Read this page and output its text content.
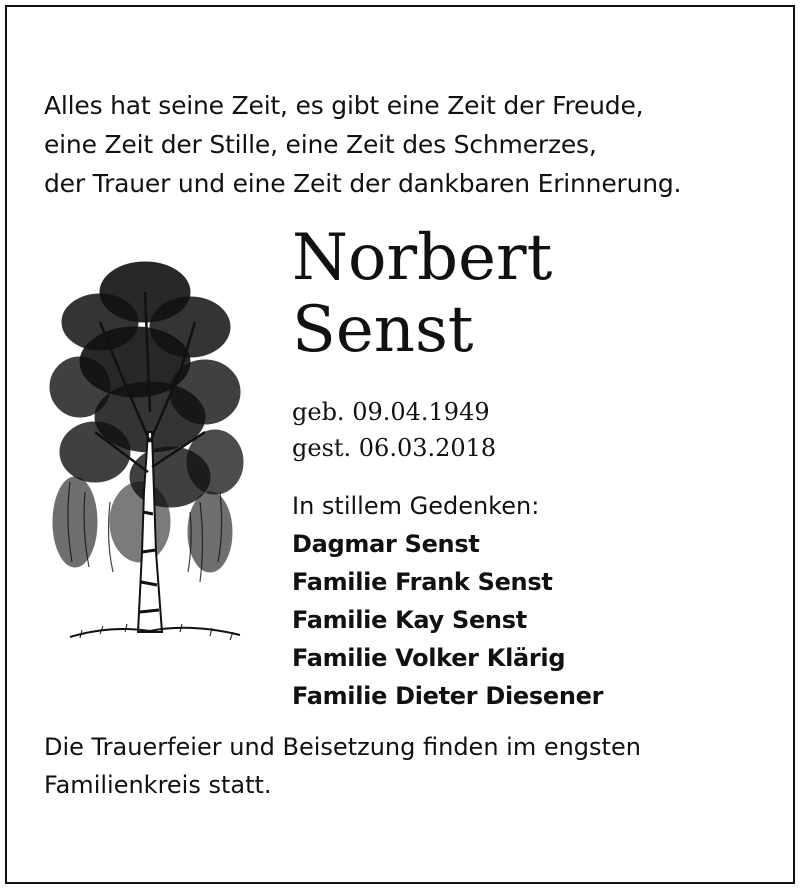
Alles hat seine Zeit, es gibt eine Zeit der Freude,
eine Zeit der Stille, eine Zeit des Schmerzes,
der Trauer und eine Zeit der dankbaren Erinnerung.
Norbert
Senst
geb. 09.04.1949
gest. 06.03.2018
In stillem Gedenken:
Dagmar Senst
Familie Frank Senst
Familie Kay Senst
Familie Volker Klärig
Familie Dieter Diesener
Die Trauerfeier und Beisetzung finden im engsten
Familienkreis statt.
